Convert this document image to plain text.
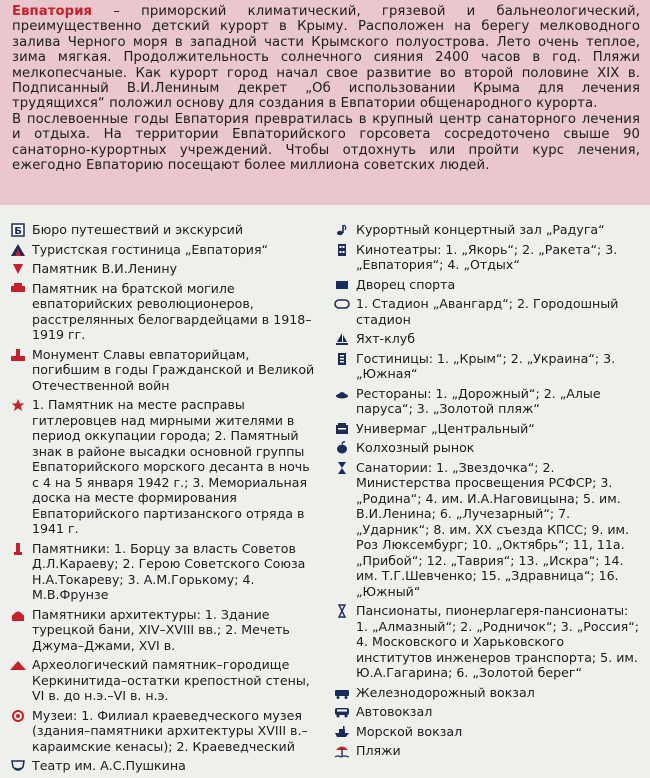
Евпатория – приморский климатический, грязевой и бальнеологический, преимущественно детский курорт в Крыму. Расположен на берегу мелководного залива Черного моря в западной части Крымского полуострова. Лето очень теплое, зима мягкая. Продолжительность солнечного сияния 2400 часов в год. Пляжи мелкопесчаные. Как курорт город начал свое развитие во второй половине XIX в. Подписанный В.И.Лениным декрет „Об использовании Крыма для лечения трудящихся“ положил основу для создания в Евпатории общенародного курорта.

В послевоенные годы Евпатория превратилась в крупный центр санаторного лечения и отдыха. На территории Евпаторийского горсовета сосредоточено свыше 90 санаторно-курортных учреждений. Чтобы отдохнуть или пройти курс лечения, ежегодно Евпаторию посещают более миллиона советских людей.

Б Бюро путешествий и экскурсий
Туристская гостиница „Евпатория“
Памятник В.И.Ленину
Памятник на братской могиле евпаторийских революционеров, расстрелянных белогвардейцами в 1918–1919 гг.
Монумент Славы евпаторийцам, погибшим в годы Гражданской и Великой Отечественной войн
1. Памятник на месте расправы гитлеровцев над мирными жителями в период оккупации города; 2. Памятный знак в районе высадки основной группы Евпаторийского морского десанта в ночь с 4 на 5 января 1942 г.; 3. Мемориальная доска на месте формирования Евпаторийского партизанского отряда в 1941 г.
Памятники: 1. Борцу за власть Советов Д.Л.Караеву; 2. Герою Советского Союза Н.А.Токареву; 3. А.М.Горькому; 4. М.В.Фрунзе
Памятники архитектуры: 1. Здание турецкой бани, XIV–XVIII вв.; 2. Мечеть Джума–Джами, XVI в.
Археологический памятник–городище Керкинитида–остатки крепостной стены, VI в. до н.э.–VI в. н.э.
Музеи: 1. Филиал краеведческого музея (здания–памятники архитектуры XVIII в.–караимские кенасы); 2. Краеведческий
Театр им. А.С.Пушкина
Курортный концертный зал „Радуга“
Кинотеатры: 1. „Якорь“; 2. „Ракета“; 3. „Евпатория“; 4. „Отдых“
Дворец спорта
1. Стадион „Авангард“; 2. Городошный стадион
Яхт-клуб
Гостиницы: 1. „Крым“; 2. „Украина“; 3. „Южная“
Рестораны: 1. „Дорожный“; 2. „Алые паруса“; 3. „Золотой пляж“
Универмаг „Центральный“
Колхозный рынок
Санатории: 1. „Звездочка“; 2. Министерства просвещения РСФСР; 3. „Родина“; 4. им. И.А.Наговицына; 5. им. В.И.Ленина; 6. „Лучезарный“; 7. „Ударник“; 8. им. XX съезда КПСС; 9. им. Роз Люксембург; 10. „Октябрь“; 11, 11а. „Прибой“; 12. „Таврия“; 13. „Искра“; 14. им. Т.Г.Шевченко; 15. „Здравница“; 16. „Южный“
Пансионаты, пионерлагеря-пансионаты: 1. „Алмазный“; 2. „Родничок“; 3. „Россия“; 4. Московского и Харьковского институтов инженеров транспорта; 5. им. Ю.А.Гагарина; 6. „Золотой берег“
Железнодорожный вокзал
Автовокзал
Морской вокзал
Пляжи
